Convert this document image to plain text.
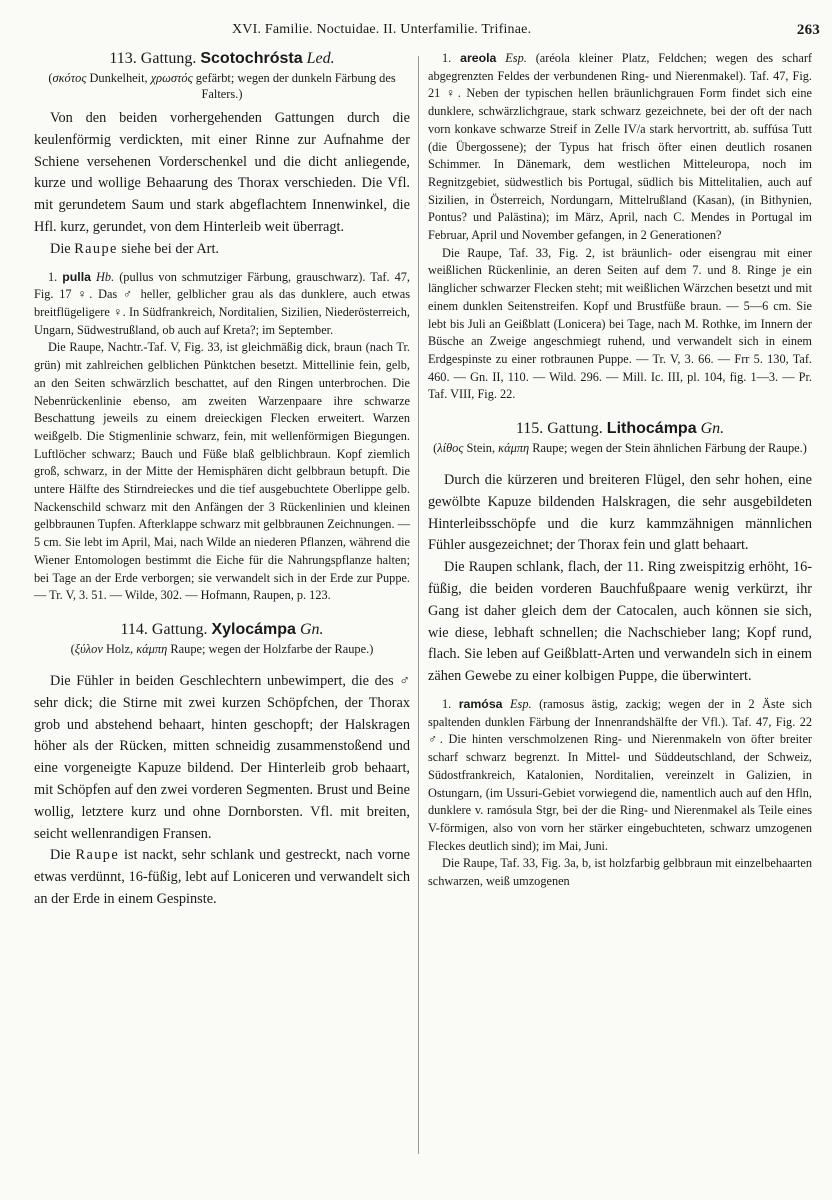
XVI. Familie. Noctuidae. II. Unterfamilie. Trifinae.	263
113. Gattung. Scotochrósta Led.

(σκότος Dunkelheit, χρωστός gefärbt; wegen der dunkeln Färbung des Falters.)

Von den beiden vorhergehenden Gattungen durch die keulenförmig verdickten, mit einer Rinne zur Aufnahme der Schiene versehenen Vorderschenkel und die dicht anliegende, kurze und wollige Behaarung des Thorax verschieden. Die Vfl. mit gerundetem Saum und stark abgeflachtem Innenwinkel, die Hfl. kurz, gerundet, von dem Hinterleib weit überragt.

Die Raupe siehe bei der Art.

1. pulla Hb. (pullus von schmutziger Färbung, grauschwarz). Taf. 47, Fig. 17 ♀. Das ♂ heller, gelblicher grau als das dunklere, auch etwas breitflügeligere ♀. In Südfrankreich, Norditalien, Sizilien, Niederösterreich, Ungarn, Südwestrußland, ob auch auf Kreta?; im September.

Die Raupe, Nachtr.-Taf. V, Fig. 33, ist gleichmäßig dick, braun (nach Tr. grün) mit zahlreichen gelblichen Pünktchen besetzt. Mittellinie fein, gelb, an den Seiten schwärzlich beschattet, auf den Ringen unterbrochen. Die Nebenrückenlinie ebenso, am zweiten Warzenpaare ihre schwarze Beschattung jeweils zu einem dreieckigen Flecken erweitert. Warzen weißgelb. Die Stigmenlinie schwarz, fein, mit wellenförmigen Biegungen. Luftlöcher schwarz; Bauch und Füße blaß gelblichbraun. Kopf ziemlich groß, schwarz, in der Mitte der Hemisphären dicht gelbbraun betupft. Die untere Hälfte des Stirndreieckes und die tief ausgebuchtete Oberlippe gelb. Nackenschild schwarz mit den Anfängen der 3 Rückenlinien und kleinen gelbbraunen Tupfen. Afterklappe schwarz mit gelbbraunen Zeichnungen. — 5 cm. Sie lebt im April, Mai, nach Wilde an niederen Pflanzen, während die Wiener Entomologen bestimmt die Eiche für die Nahrungspflanze halten; bei Tage an der Erde verborgen; sie verwandelt sich in der Erde zur Puppe. — Tr. V, 3. 51. — Wilde, 302. — Hofmann, Raupen, p. 123.

114. Gattung. Xylocámpa Gn.

(ξύλον Holz, κάμπη Raupe; wegen der Holzfarbe der Raupe.)

Die Fühler in beiden Geschlechtern unbewimpert, die des ♂ sehr dick; die Stirne mit zwei kurzen Schöpfchen, der Thorax grob und abstehend behaart, hinten geschopft; der Halskragen höher als der Rücken, mitten schneidig zusammenstoßend und eine vorgeneigte Kapuze bildend. Der Hinterleib grob behaart, mit Schöpfen auf den zwei vorderen Segmenten. Brust und Beine wollig, letztere kurz und ohne Dornborsten. Vfl. mit breiten, seicht wellenrandigen Fransen.

Die Raupe ist nackt, sehr schlank und gestreckt, nach vorne etwas verdünnt, 16-füßig, lebt auf Loniceren und verwandelt sich an der Erde in einem Gespinste.

1. areola Esp. (aréola kleiner Platz, Feldchen; wegen des scharf abgegrenzten Feldes der verbundenen Ring- und Nierenmakel). Taf. 47, Fig. 21 ♀. Neben der typischen hellen bräunlichgrauen Form findet sich eine dunklere, schwärzlichgraue, stark schwarz gezeichnete, bei der oft der nach vorn konkave schwarze Streif in Zelle IV/a stark hervortritt, ab. suffúsa Tutt (die Übergossene); der Typus hat frisch öfter einen deutlich rosanen Schimmer. In Dänemark, dem westlichen Mitteleuropa, noch im Regnitzgebiet, südwestlich bis Portugal, südlich bis Mittelitalien, auch auf Sizilien, in Österreich, Nordungarn, Mittelrußland (Kasan), (in Bithynien, Pontus? und Palästina); im März, April, nach C. Mendes in Portugal im Februar, April und November gefangen, in 2 Generationen?

Die Raupe, Taf. 33, Fig. 2, ist bräunlich- oder eisengrau mit einer weißlichen Rückenlinie, an deren Seiten auf dem 7. und 8. Ringe je ein länglicher schwarzer Flecken steht; mit weißlichen Wärzchen besetzt und mit einem dunklen Seitenstreifen. Kopf und Brustfüße braun. — 5—6 cm. Sie lebt bis Juli an Geißblatt (Lonicera) bei Tage, nach M. Rothke, im Innern der Büsche an Zweige angeschmiegt ruhend, und verwandelt sich in einem Erdgespinste zu einer rotbraunen Puppe. — Tr. V, 3. 66. — Frr 5. 130, Taf. 460. — Gn. II, 110. — Wild. 296. — Mill. Ic. III, pl. 104, fig. 1—3. — Pr. Taf. VIII, Fig. 22.

115. Gattung. Lithocámpa Gn.

(λίθος Stein, κάμπη Raupe; wegen der Stein ähnlichen Färbung der Raupe.)

Durch die kürzeren und breiteren Flügel, den sehr hohen, eine gewölbte Kapuze bildenden Halskragen, die sehr ausgebildeten Hinterleibsschöpfe und die kurz kammzähnigen männlichen Fühler ausgezeichnet; der Thorax fein und glatt behaart.

Die Raupen schlank, flach, der 11. Ring zweispitzig erhöht, 16-füßig, die beiden vorderen Bauchfußpaare wenig verkürzt, ihr Gang ist daher gleich dem der Catocalen, auch können sie sich, wie diese, lebhaft schnellen; die Nachschieber lang; Kopf rund, flach. Sie leben auf Geißblatt-Arten und verwandeln sich in einem zähen Gewebe zu einer kolbigen Puppe, die überwintert.

1. ramósa Esp. (ramosus ästig, zackig; wegen der in 2 Äste sich spaltenden dunklen Färbung der Innenrandshälfte der Vfl.). Taf. 47, Fig. 22 ♂. Die hinten verschmolzenen Ring- und Nierenmakeln von öfter breiter scharf schwarz begrenzt. In Mittel- und Süddeutschland, der Schweiz, Südostfrankreich, Katalonien, Norditalien, vereinzelt in Galizien, in Ostungarn, (im Ussuri-Gebiet vorwiegend die, namentlich auch auf den Hfln, dunklere v. ramósula Stgr, bei der die Ring- und Nierenmakel als Teile eines V-förmigen, also von vorn her stärker eingebuchteten, schwarz umzogenen Fleckes deutlich sind); im Mai, Juni.

Die Raupe, Taf. 33, Fig. 3a, b, ist holzfarbig gelbbraun mit einzelbehaarten schwarzen, weiß umzogenen
